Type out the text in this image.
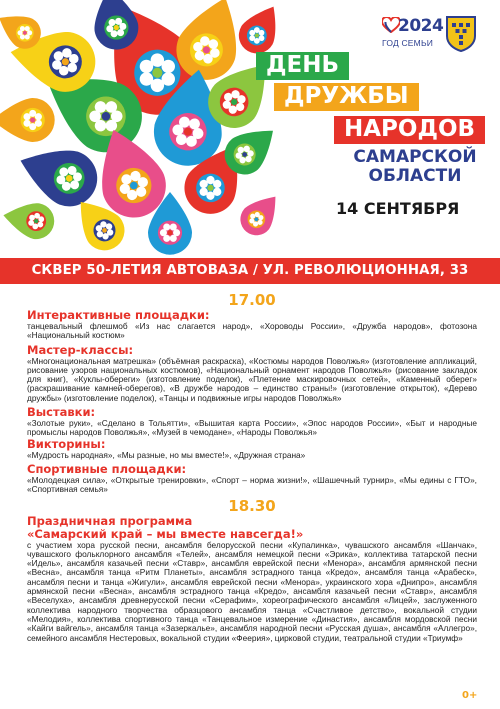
2024
ГОД СЕМЬИ
ДЕНЬ
ДРУЖБЫ
НАРОДОВ
САМАРСКОЙ
ОБЛАСТИ
14 СЕНТЯБРЯ
СКВЕР 50-ЛЕТИЯ АВТОВАЗА / УЛ. РЕВОЛЮЦИОННАЯ, 33
17.00
Интерактивные площадки:
танцевальный флешмоб «Из нас слагается народ», «Хороводы России», «Дружба народов», фотозона «Национальный костюм»
Мастер-классы:
«Многонациональная матрешка» (объёмная раскраска), «Костюмы народов Поволжья» (изготовление аппликаций, рисование узоров национальных костюмов), «Национальный орнамент народов Поволжья» (рисование закладок для книг), «Куклы-обереги» (изготовление поделок), «Плетение маскировочных сетей», «Каменный оберег» (раскрашивание камней-оберегов), «В дружбе народов – единство страны!» (изготовление открыток), «Дерево дружбы» (изготовление поделок), «Танцы и подвижные игры народов Поволжья»
Выставки:
«Золотые руки», «Сделано в Тольятти», «Вышитая карта России», «Эпос народов России», «Быт и народные промыслы народов Поволжья», «Музей в чемодане», «Народы Поволжья»
Викторины:
«Мудрость народная», «Мы разные, но мы вместе!», «Дружная страна»
Спортивные площадки:
«Молодецкая сила», «Открытые тренировки», «Спорт – норма жизни!», «Шашечный турнир», «Мы едины с ГТО», «Спортивная семья»
18.30
Праздничная программа
«Самарский край – мы вместе навсегда!»
с участием хора русской песни, ансамбля белорусской песни «Купалинка», чувашского ансамбля «Шанчак», чувашского фольклорного ансамбля «Телей», ансамбля немецкой песни «Эрика», коллектива татарской песни «Идель», ансамбля казачьей песни «Ставр», ансамбля еврейской песни «Менора», ансамбля армянской песни «Весна», ансамбля танца «Ритм Планеты», ансамбля эстрадного танца «Кредо», ансамбля танца «Арабеск», ансамбля песни и танца «Жигули», ансамбля еврейской песни «Менора», украинского хора «Днипро», ансамбля армянской песни «Весна», ансамбля эстрадного танца «Кредо», ансамбля казачьей песни «Ставр», ансамбля «Веселуха», ансамбля древнерусской песни «Серафим», хореографического ансамбля «Лицей», заслуженного коллектива народного творчества образцового ансамбля танца «Счастливое детство», вокальной студии «Мелодия», коллектива спортивного танца «Танцевальное измерение «Династия», ансамбля мордовской песни «Кайги вайгель», ансамбля танца «Зазеркалье», ансамбля народной песни «Русская душа», ансамбля «Аллегро», семейного ансамбля Нестеровых, вокальной студии «Феерия», цирковой студии, театральной студии «Триумф»
0+
